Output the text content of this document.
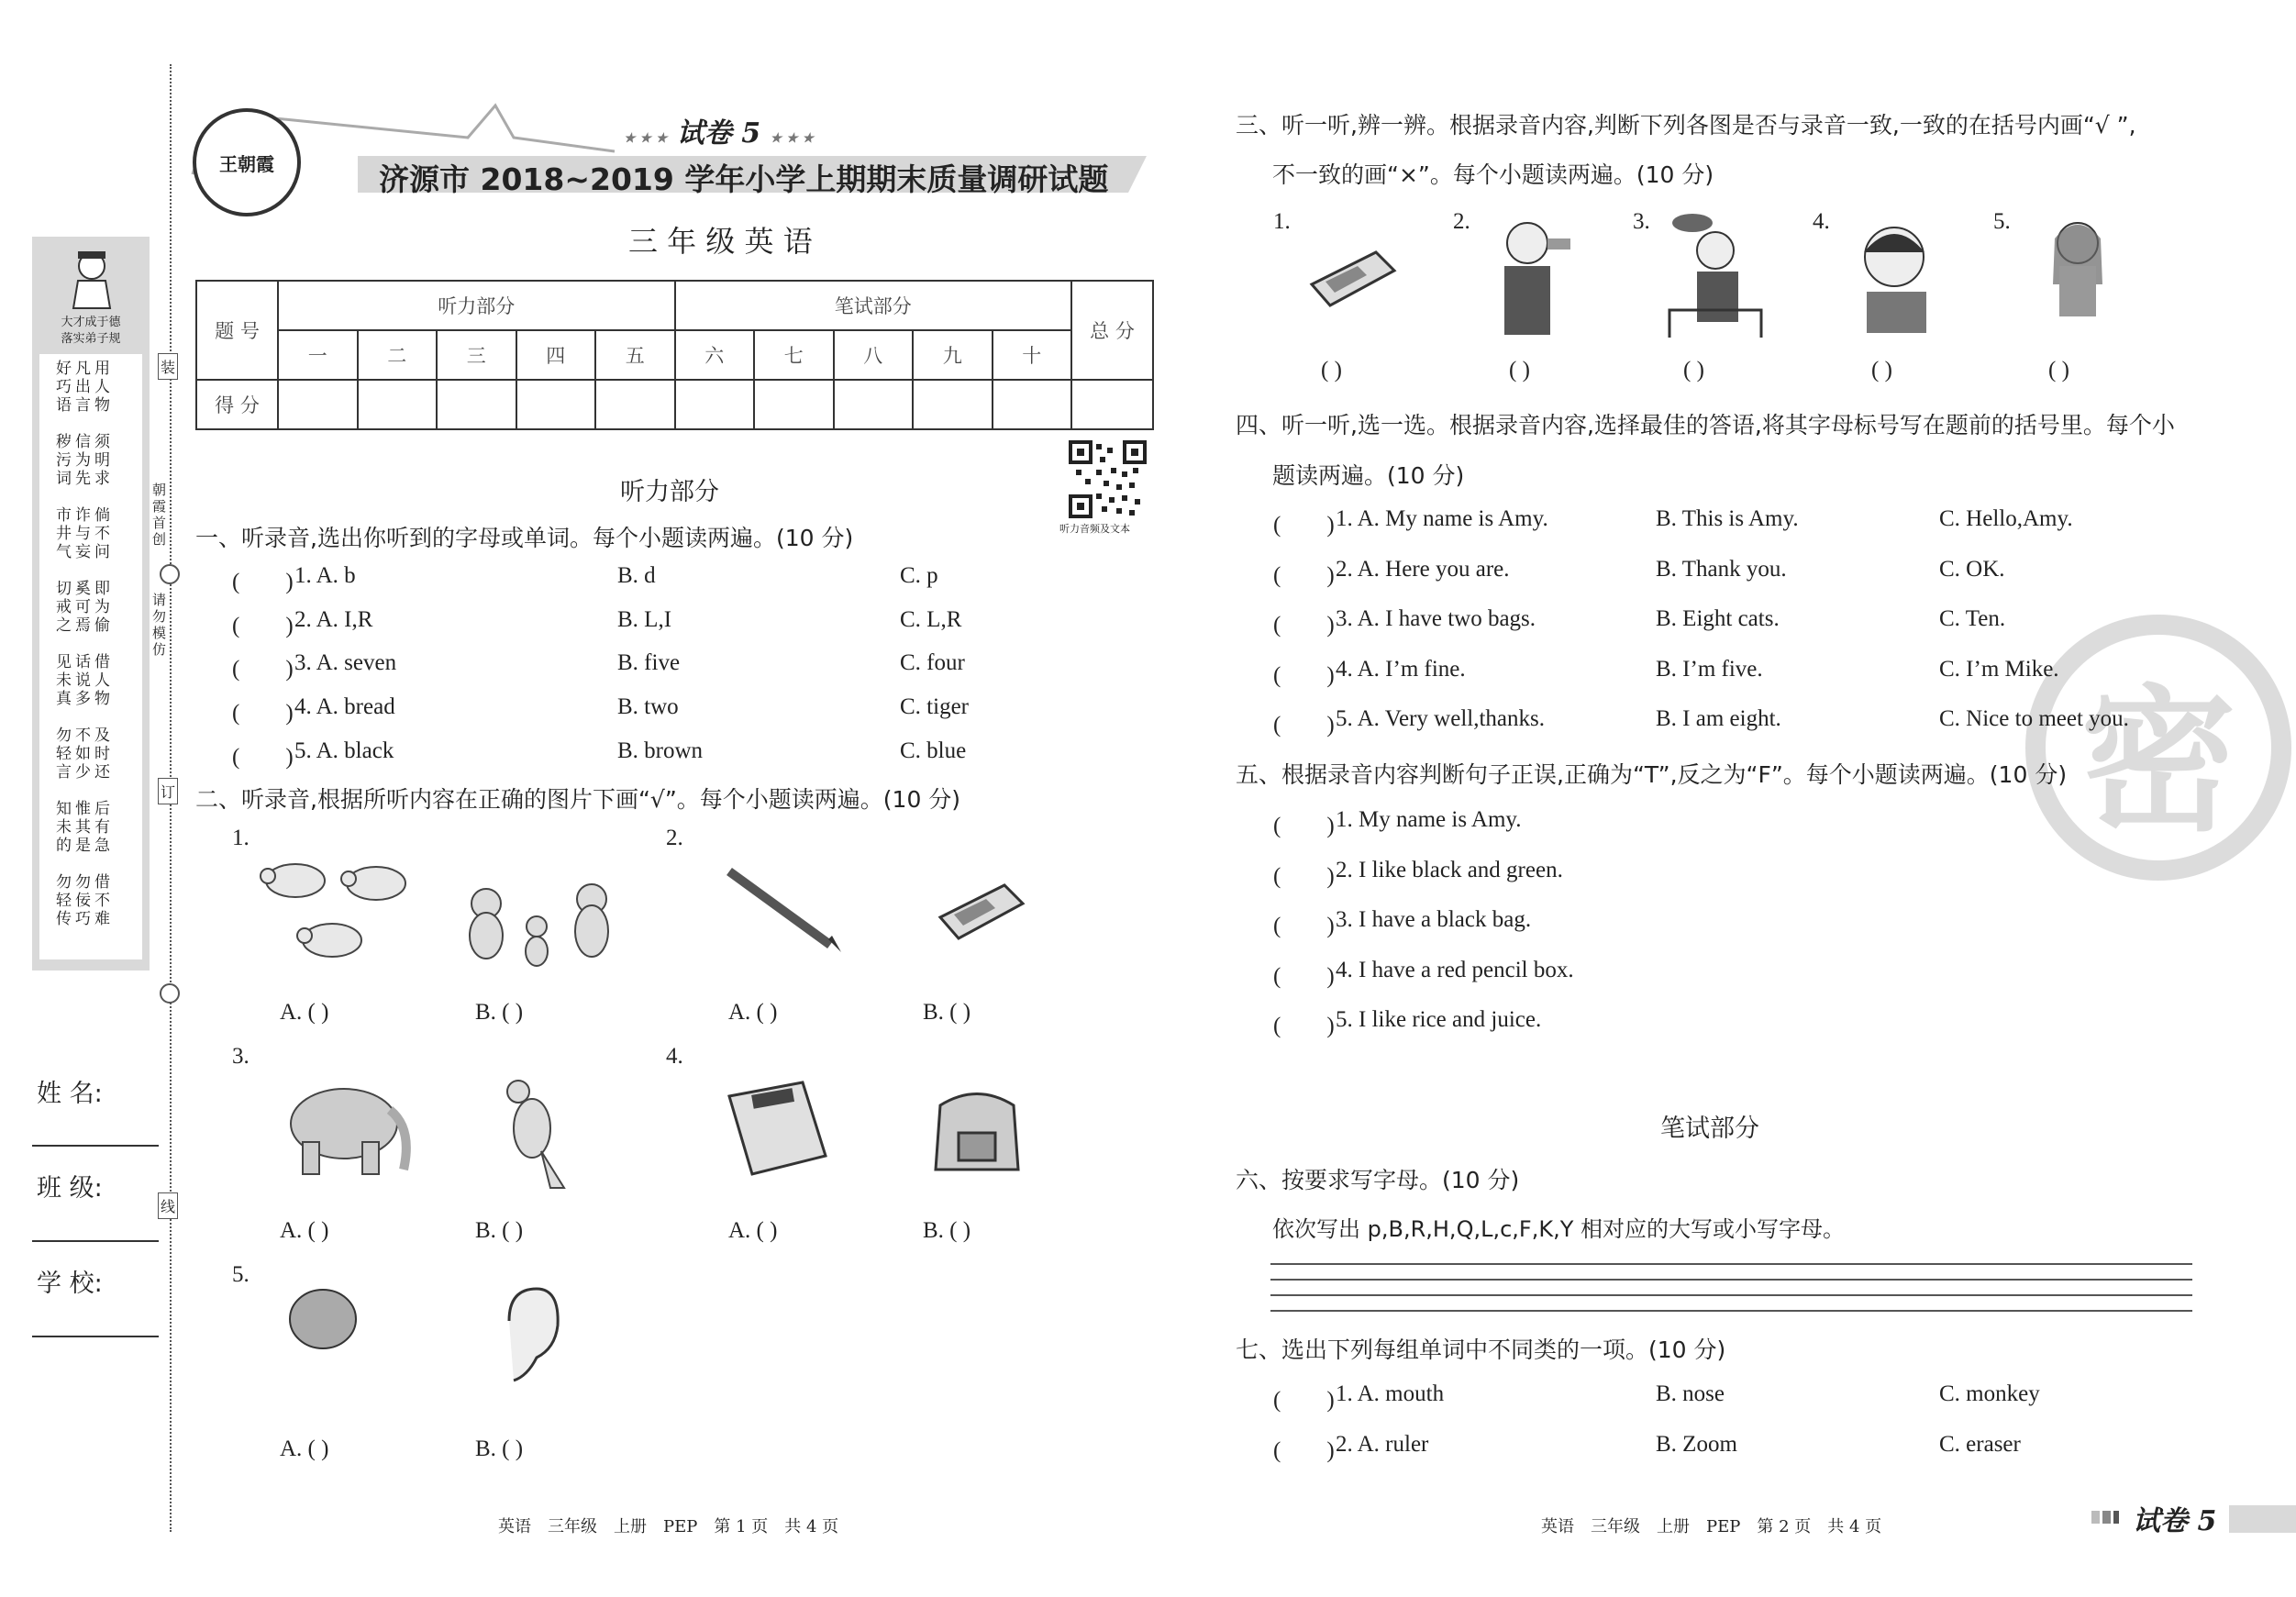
大才成于德
落实弟子规
好凡用
巧出人
语言物
秽信须
污为明
词先求
市诈倘
井与不
气妄问
切奚即
戒可为
之焉偷
见话借
未说人
真多物
勿不及
轻如时
言少还
知惟后
未其有
的是急
勿勿借
轻佞不
传巧难
装
订
线
朝霞首创
请勿模仿
姓 名:
班 级:
学 校:
王朝霞
★ ★ ★ 试卷 5 ★ ★ ★
济源市 2018~2019 学年小学上期期末质量调研试题
三 年 级 英 语
题 号	听力部分					笔试部分					总 分
	一	二	三	四	五	六	七	八	九	十	
得 分											
听力音频及文本
听力部分
一、听录音,选出你听到的字母或单词。每个小题读两遍。(10 分)
(　　) 1. A. b	B. d	C. p
(　　) 2. A. I,R	B. L,I	C. L,R
(　　) 3. A. seven	B. five	C. four
(　　) 4. A. bread	B. two	C. tiger
(　　) 5. A. black	B. brown	C. blue
二、听录音,根据所听内容在正确的图片下画“√”。每个小题读两遍。(10 分)
1.	2.
3.	4.
5.
A. ( )	B. ( )	A. ( )	B. ( )
A. ( )	B. ( )	A. ( )	B. ( )
A. ( )	B. ( )
英语　三年级　上册　PEP　第 1 页　共 4 页
密
三、听一听,辨一辨。根据录音内容,判断下列各图是否与录音一致,一致的在括号内画“√ ”,
不一致的画“×”。每个小题读两遍。(10 分)
1.	2.	3.	4.	5.
( )	( )	( )	( )	( )
四、听一听,选一选。根据录音内容,选择最佳的答语,将其字母标号写在题前的括号里。每个小
题读两遍。(10 分)
(　　) 1. A. My name is Amy.	B. This is Amy.	C. Hello,Amy.
(　　) 2. A. Here you are.	B. Thank you.	C. OK.
(　　) 3. A. I have two bags.	B. Eight cats.	C. Ten.
(　　) 4. A. I’m fine.	B. I’m five.	C. I’m Mike.
(　　) 5. A. Very well,thanks.	B. I am eight.	C. Nice to meet you.
五、根据录音内容判断句子正误,正确为“T”,反之为“F”。每个小题读两遍。(10 分)
(　　) 1. My name is Amy.
(　　) 2. I like black and green.
(　　) 3. I have a black bag.
(　　) 4. I have a red pencil box.
(　　) 5. I like rice and juice.
笔试部分
六、按要求写字母。(10 分)
依次写出 p,B,R,H,Q,L,c,F,K,Y 相对应的大写或小写字母。
七、选出下列每组单词中不同类的一项。(10 分)
(　　) 1. A. mouth	B. nose	C. monkey
(　　) 2. A. ruler	B. Zoom	C. eraser
英语　三年级　上册　PEP　第 2 页　共 4 页	试卷 5
